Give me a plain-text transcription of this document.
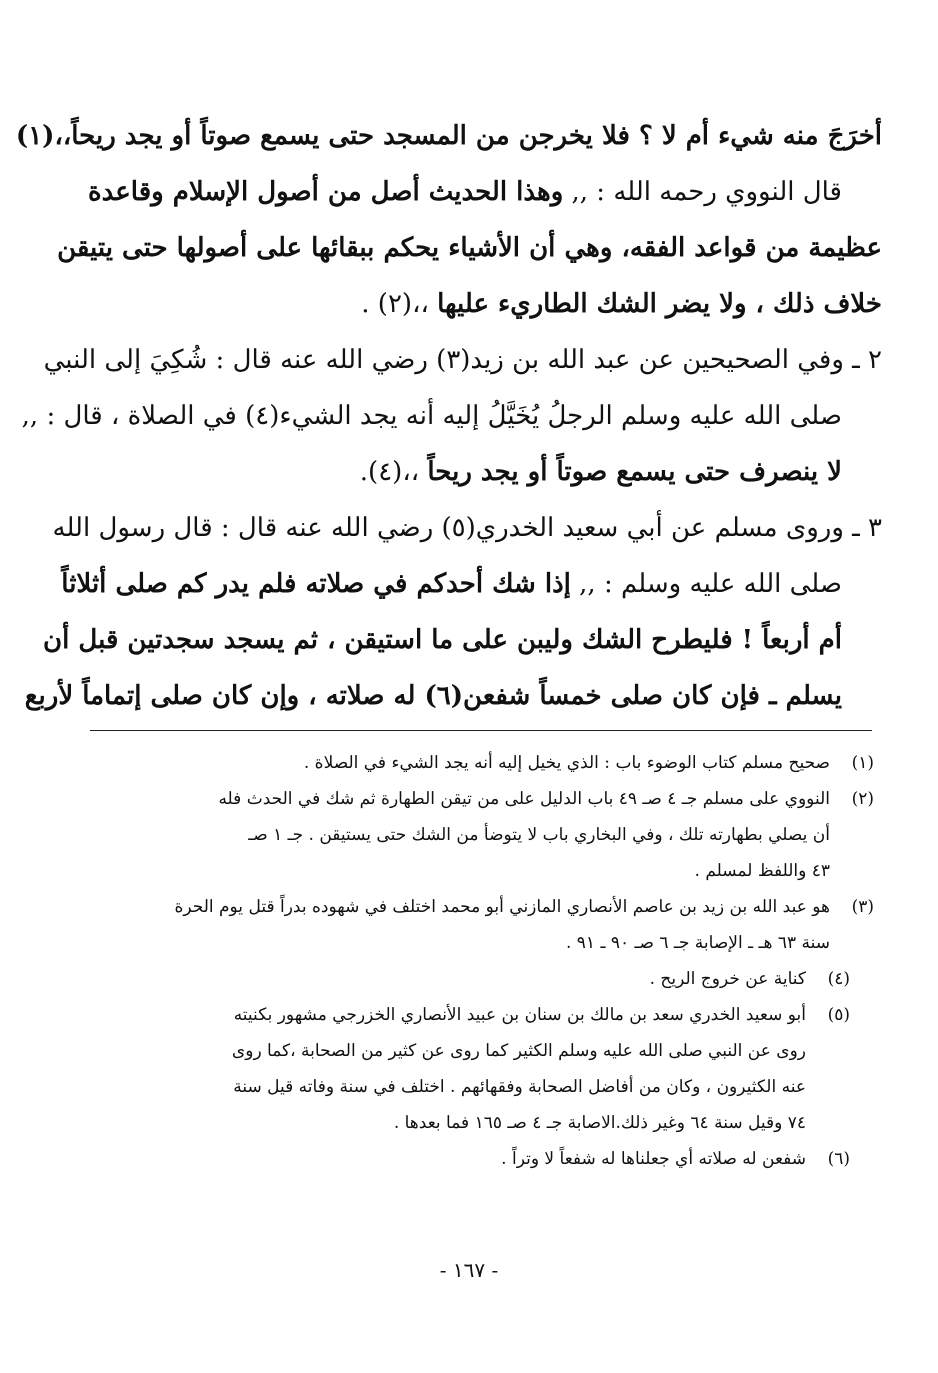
أخرَجَ منه شيء أم لا ؟ فلا يخرجن من المسجد حتى يسمع صوتاً أو يجد ريحاً،،(١)

قال النووي رحمه الله : ,, وهذا الحديث أصل من أصول الإسلام وقاعدة

عظيمة من قواعد الفقه، وهي أن الأشياء يحكم ببقائها على أصولها حتى يتيقن

خلاف ذلك ، ولا يضر الشك الطاريء عليها ،،(٢) .

٢ ـ وفي الصحيحين عن عبد الله بن زيد(٣) رضي الله عنه قال : شُكِيَ إلى النبي

صلى الله عليه وسلم الرجلُ يُخَيَّلُ إليه أنه يجد الشيء(٤) في الصلاة ، قال : ,,

لا ينصرف حتى يسمع صوتاً أو يجد ريحاً ،،(٤).

٣ ـ وروى مسلم عن أبي سعيد الخدري(٥) رضي الله عنه قال : قال رسول الله

صلى الله عليه وسلم : ,, إذا شك أحدكم في صلاته فلم يدر كم صلى أثلاثاً

أم أربعاً ! فليطرح الشك وليبن على ما استيقن ، ثم يسجد سجدتين قبل أن

يسلم ـ فإن كان صلى خمساً شفعن(٦) له صلاته ، وإن كان صلى إتماماً لأربع

(١)
صحيح مسلم كتاب الوضوء باب : الذي يخيل إليه أنه يجد الشيء في الصلاة .
(٢)
النووي على مسلم جـ ٤ صـ ٤٩ باب الدليل على من تيقن الطهارة ثم شك في الحدث فله
أن يصلي بطهارته تلك ، وفي البخاري باب لا يتوضأ من الشك حتى يستيقن . جـ ١ صـ
٤٣ واللفظ لمسلم .
(٣)
هو عبد الله بن زيد بن عاصم الأنصاري المازني أبو محمد اختلف في شهوده بدراً قتل يوم الحرة
سنة ٦٣ هـ ـ الإصابة جـ ٦ صـ ٩٠ ـ ٩١ .
(٤)
كناية عن خروج الريح .
(٥)
أبو سعيد الخدري سعد بن مالك بن سنان بن عبيد الأنصاري الخزرجي مشهور بكنيته
روى عن النبي صلى الله عليه وسلم الكثير كما روى عن كثير من الصحابة ،كما روى
عنه الكثيرون ، وكان من أفاضل الصحابة وفقهائهم . اختلف في سنة وفاته قيل سنة
٧٤ وقيل سنة ٦٤ وغير ذلك.الاصابة جـ ٤ صـ ١٦٥ فما بعدها .
(٦)
شفعن له صلاته أي جعلناها له شفعاً لا وتراً .
- ١٦٧ -
